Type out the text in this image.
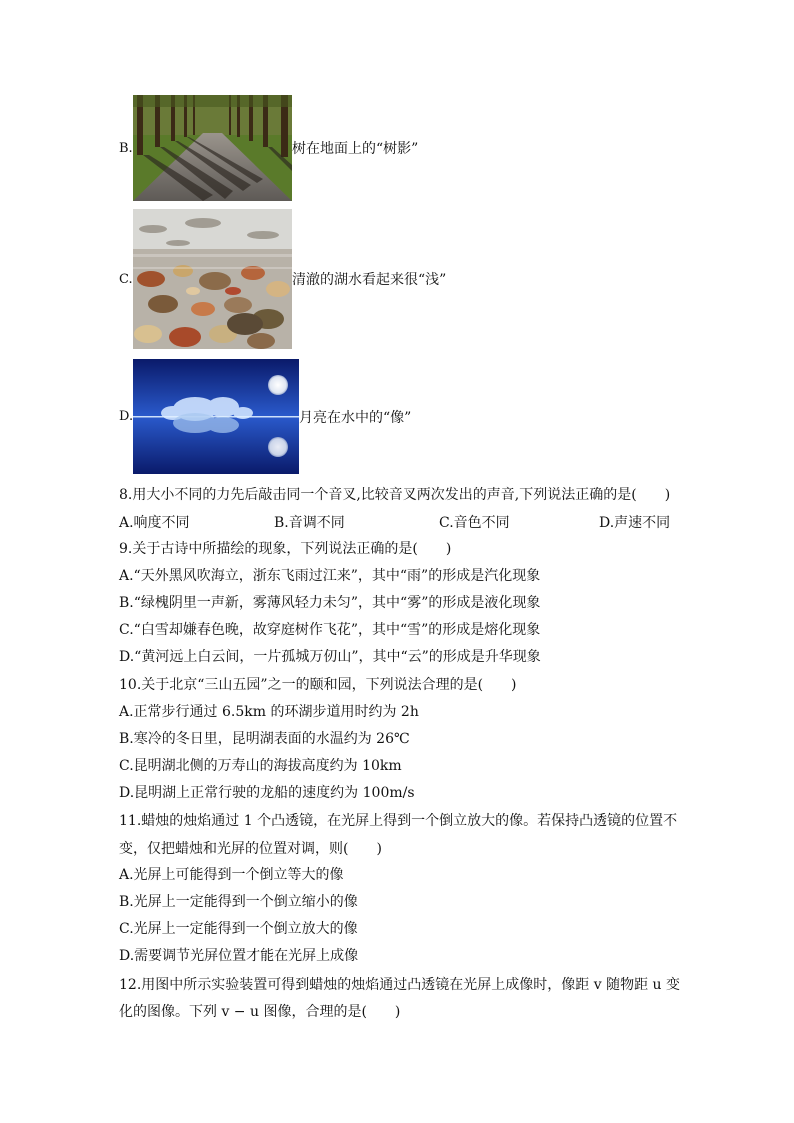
B.	树在地面上的“树影”
C.	清澈的湖水看起来很“浅”
D.	月亮在水中的“像”
8.用大小不同的力先后敲击同一个音叉,比较音叉两次发出的声音,下列说法正确的是(　　)
A.响度不同	B.音调不同	C.音色不同	D.声速不同
9.关于古诗中所描绘的现象，下列说法正确的是(　　)
A.“天外黑风吹海立，浙东飞雨过江来”，其中“雨”的形成是汽化现象
B.“绿槐阴里一声新，雾薄风轻力未匀”，其中“雾”的形成是液化现象
C.“白雪却嫌春色晚，故穿庭树作飞花”，其中“雪”的形成是熔化现象
D.“黄河远上白云间，一片孤城万仞山”，其中“云”的形成是升华现象
10.关于北京“三山五园”之一的颐和园，下列说法合理的是(　　)
A.正常步行通过 6.5km 的环湖步道用时约为 2h
B.寒冷的冬日里，昆明湖表面的水温约为 26℃
C.昆明湖北侧的万寿山的海拔高度约为 10km
D.昆明湖上正常行驶的龙船的速度约为 100m/s
11.蜡烛的烛焰通过 1 个凸透镜，在光屏上得到一个倒立放大的像。若保持凸透镜的位置不
变，仅把蜡烛和光屏的位置对调，则(　　)
A.光屏上可能得到一个倒立等大的像
B.光屏上一定能得到一个倒立缩小的像
C.光屏上一定能得到一个倒立放大的像
D.需要调节光屏位置才能在光屏上成像
12.用图中所示实验装置可得到蜡烛的烛焰通过凸透镜在光屏上成像时，像距 v 随物距 u 变
化的图像。下列 v − u 图像，合理的是(　　)
